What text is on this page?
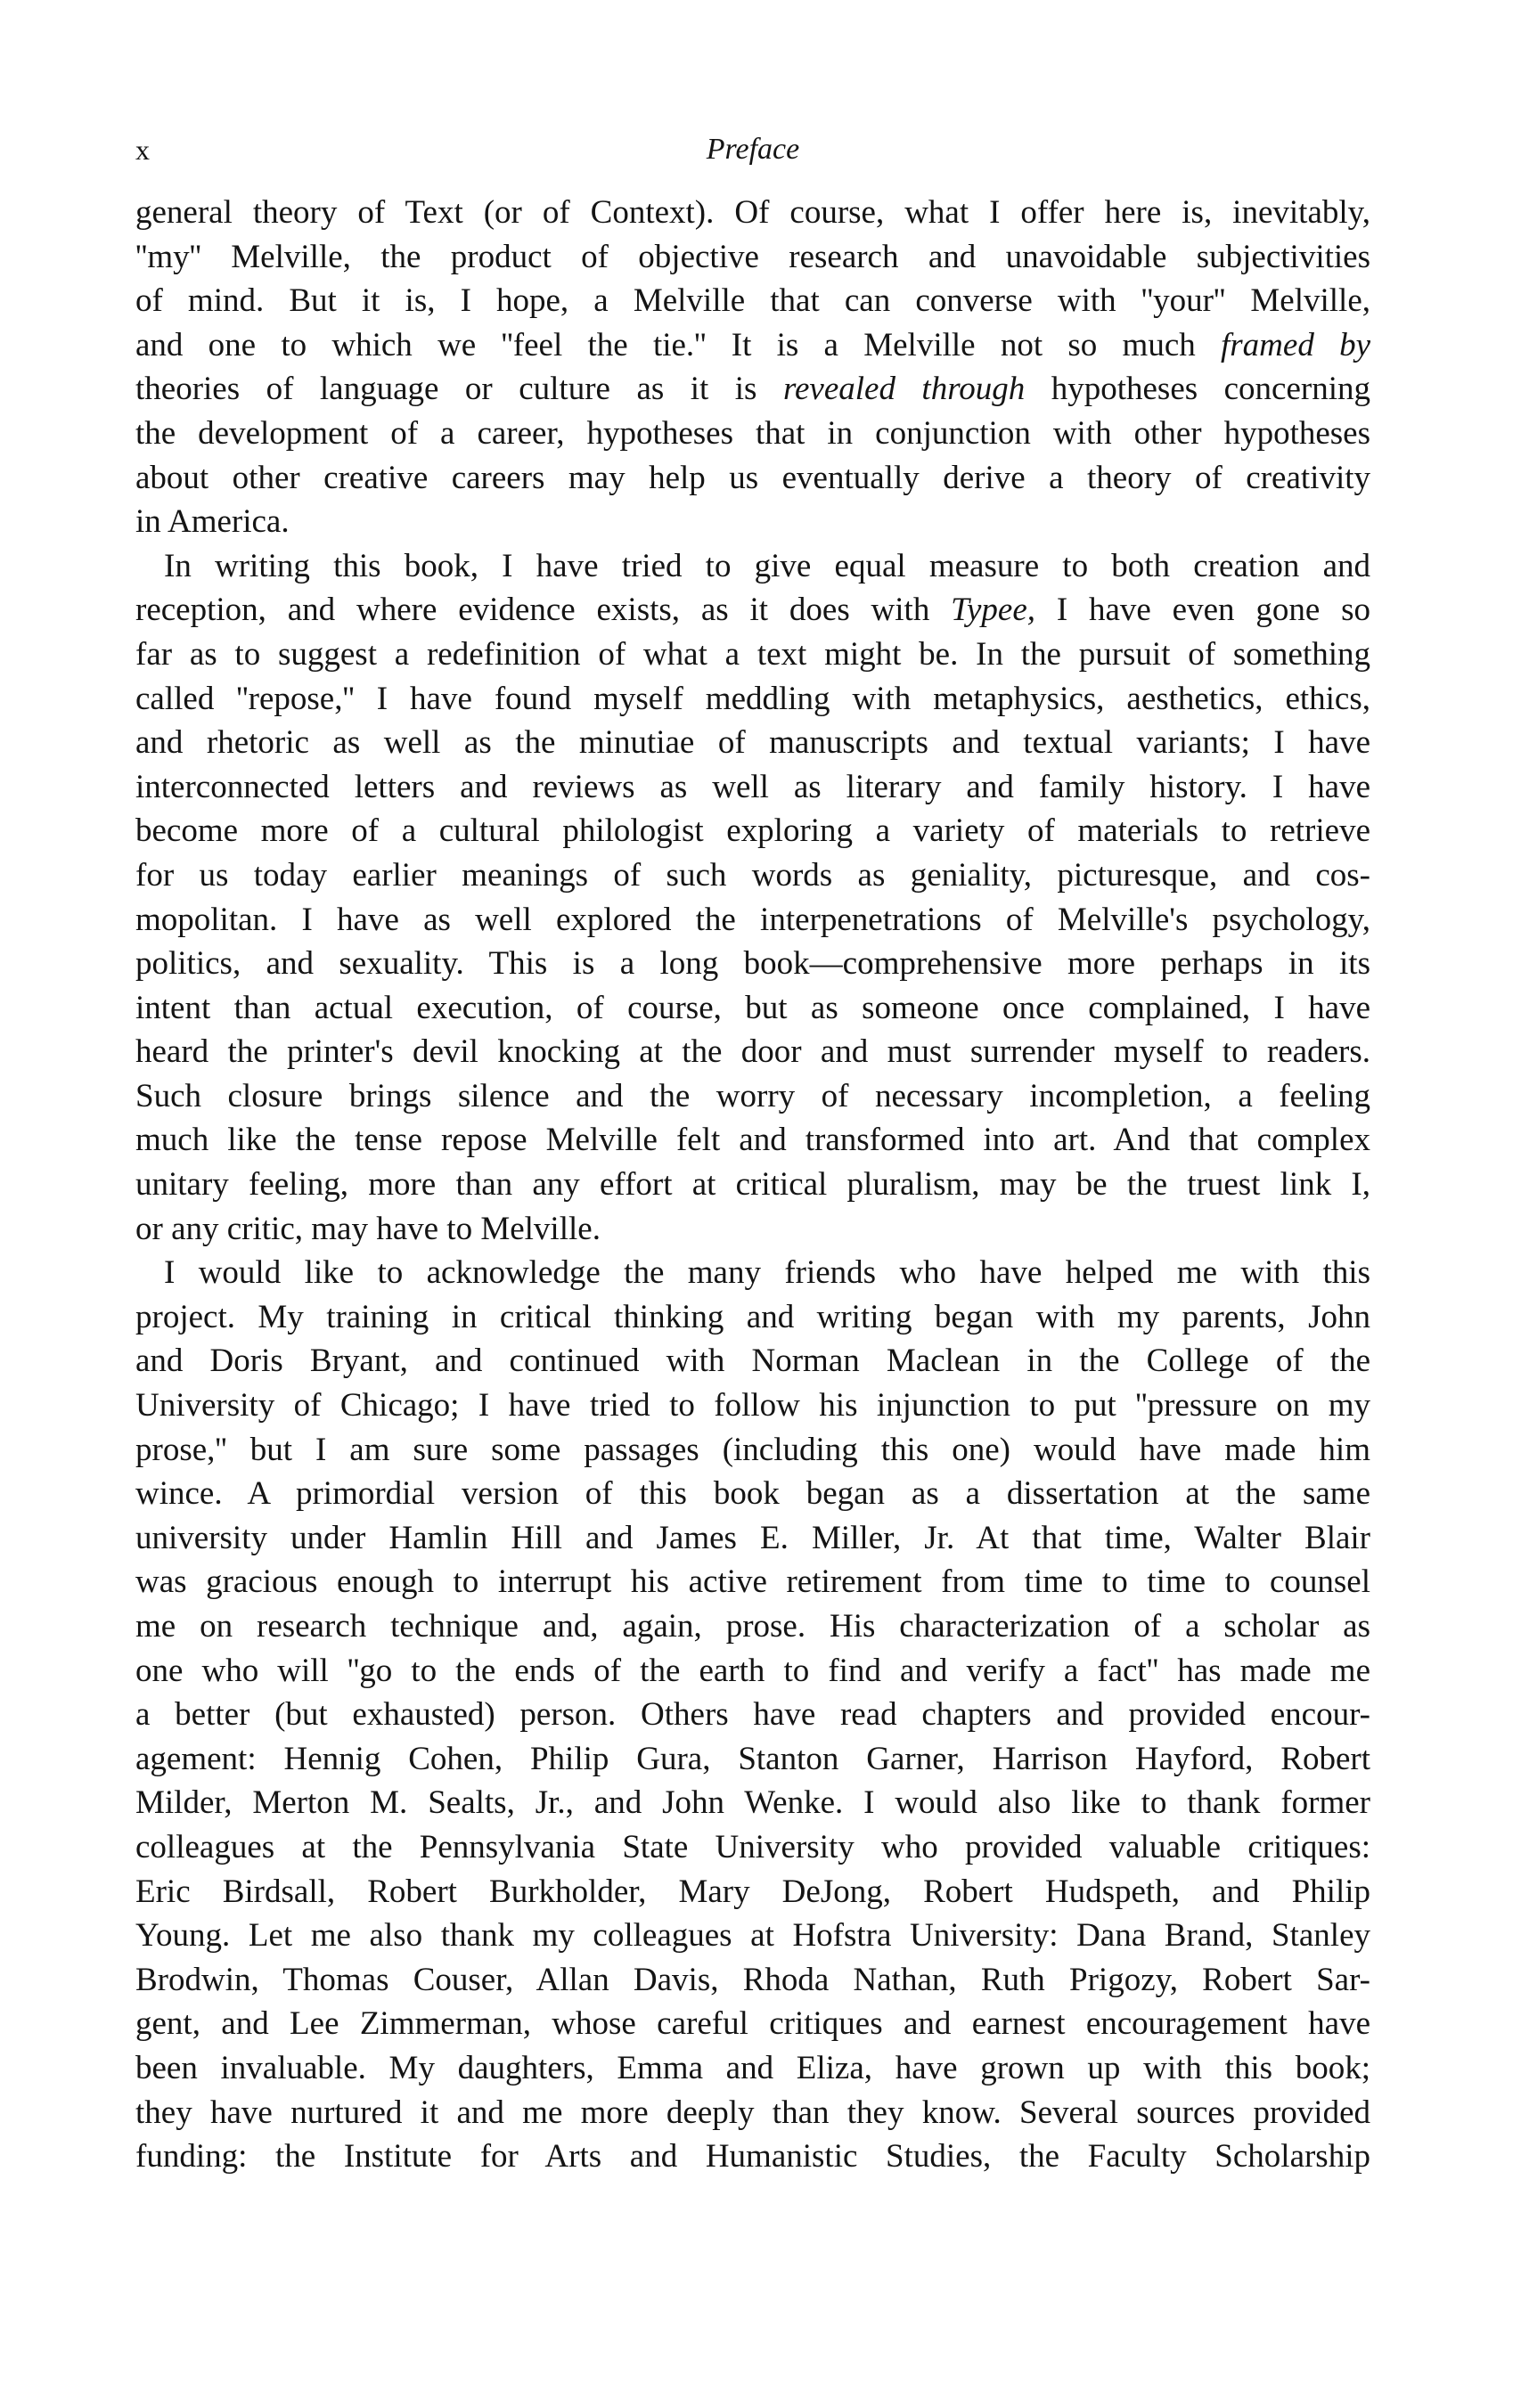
x	Preface
general theory of Text (or of Context). Of course, what I offer here is, inevitably,
''my'' Melville, the product of objective research and unavoidable subjectivities
of mind. But it is, I hope, a Melville that can converse with ''your'' Melville,
and one to which we ''feel the tie.'' It is a Melville not so much framed by
theories of language or culture as it is revealed through hypotheses concerning
the development of a career, hypotheses that in conjunction with other hypotheses
about other creative careers may help us eventually derive a theory of creativity
in America.
In writing this book, I have tried to give equal measure to both creation and
reception, and where evidence exists, as it does with Typee, I have even gone so
far as to suggest a redefinition of what a text might be. In the pursuit of something
called ''repose,'' I have found myself meddling with metaphysics, aesthetics, ethics,
and rhetoric as well as the minutiae of manuscripts and textual variants; I have
interconnected letters and reviews as well as literary and family history. I have
become more of a cultural philologist exploring a variety of materials to retrieve
for us today earlier meanings of such words as geniality, picturesque, and cos-
mopolitan. I have as well explored the interpenetrations of Melville's psychology,
politics, and sexuality. This is a long book—comprehensive more perhaps in its
intent than actual execution, of course, but as someone once complained, I have
heard the printer's devil knocking at the door and must surrender myself to readers.
Such closure brings silence and the worry of necessary incompletion, a feeling
much like the tense repose Melville felt and transformed into art. And that complex
unitary feeling, more than any effort at critical pluralism, may be the truest link I,
or any critic, may have to Melville.
I would like to acknowledge the many friends who have helped me with this
project. My training in critical thinking and writing began with my parents, John
and Doris Bryant, and continued with Norman Maclean in the College of the
University of Chicago; I have tried to follow his injunction to put ''pressure on my
prose,'' but I am sure some passages (including this one) would have made him
wince. A primordial version of this book began as a dissertation at the same
university under Hamlin Hill and James E. Miller, Jr. At that time, Walter Blair
was gracious enough to interrupt his active retirement from time to time to counsel
me on research technique and, again, prose. His characterization of a scholar as
one who will ''go to the ends of the earth to find and verify a fact'' has made me
a better (but exhausted) person. Others have read chapters and provided encour-
agement: Hennig Cohen, Philip Gura, Stanton Garner, Harrison Hayford, Robert
Milder, Merton M. Sealts, Jr., and John Wenke. I would also like to thank former
colleagues at the Pennsylvania State University who provided valuable critiques:
Eric Birdsall, Robert Burkholder, Mary DeJong, Robert Hudspeth, and Philip
Young. Let me also thank my colleagues at Hofstra University: Dana Brand, Stanley
Brodwin, Thomas Couser, Allan Davis, Rhoda Nathan, Ruth Prigozy, Robert Sar-
gent, and Lee Zimmerman, whose careful critiques and earnest encouragement have
been invaluable. My daughters, Emma and Eliza, have grown up with this book;
they have nurtured it and me more deeply than they know. Several sources provided
funding: the Institute for Arts and Humanistic Studies, the Faculty Scholarship
